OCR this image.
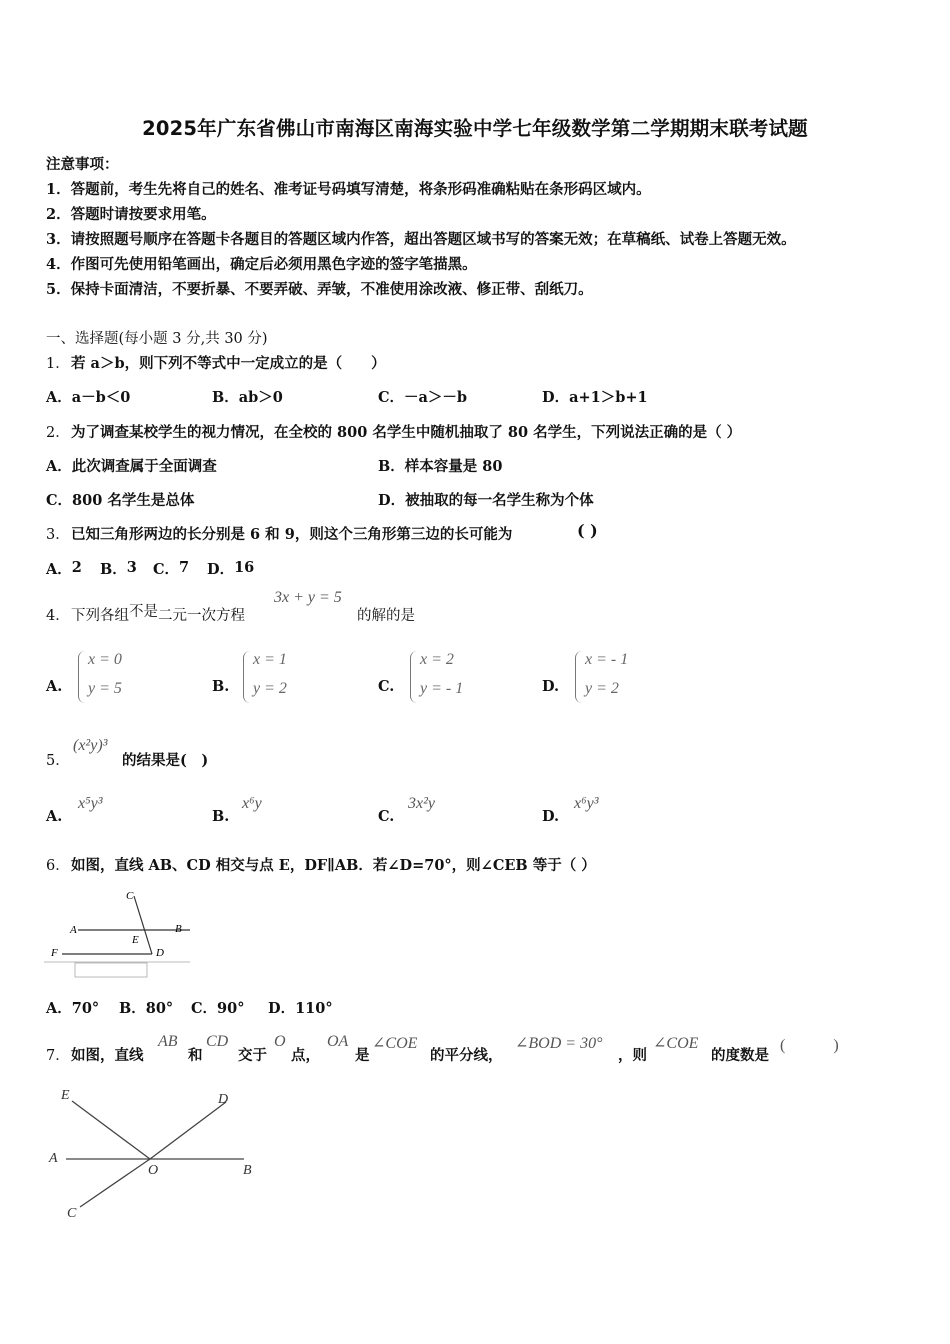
2025年广东省佛山市南海区南海实验中学七年级数学第二学期期末联考试题
注意事项：
1．答题前，考生先将自己的姓名、准考证号码填写清楚，将条形码准确粘贴在条形码区域内。
2．答题时请按要求用笔。
3．请按照题号顺序在答题卡各题目的答题区域内作答，超出答题区域书写的答案无效；在草稿纸、试卷上答题无效。
4．作图可先使用铅笔画出，确定后必须用黑色字迹的签字笔描黑。
5．保持卡面清洁，不要折暴、不要弄破、弄皱，不准使用涂改液、修正带、刮纸刀。
一、选择题(每小题 3 分,共 30 分)
1． 若 a＞b，则下列不等式中一定成立的是（　　）
A．a－b＜0	B．ab＞0	C．－a＞－b	D．a+1＞b+1
2． 为了调查某校学生的视力情况，在全校的 800 名学生中随机抽取了 80 名学生，下列说法正确的是（ ）
A．此次调查属于全面调查	B．样本容量是 80
C．800 名学生是总体	D．被抽取的每一名学生称为个体
3． 已知三角形两边的长分别是 6 和 9，则这个三角形第三边的长可能为	( )
A．2 B．3 C．7 D．16
4． 下列各组不是二元一次方程
3x + y = 5
的解的是
A.
x = 0
y = 5	B.
x = 1
y = 2	C.
x = 2
y = - 1	D.
x = - 1
y = 2
5．
(x²y)³
的结果是(　)
A.
x⁵y³
B.
x⁶y
C.
3x²y
D.
x⁶y³
6． 如图，直线 AB、CD 相交与点 E，DF∥AB．若∠D=70°，则∠CEB 等于（ ）
C
A	B
E
F	D
A．70° B．80° C．90° D．110°
7． 如图，直线
AB
和
CD
交于
O
点，
OA
是
∠COE
的平分线，
∠BOD = 30°
，则
∠COE
的度数是
(　　　)
E	D
A
O	B
C
